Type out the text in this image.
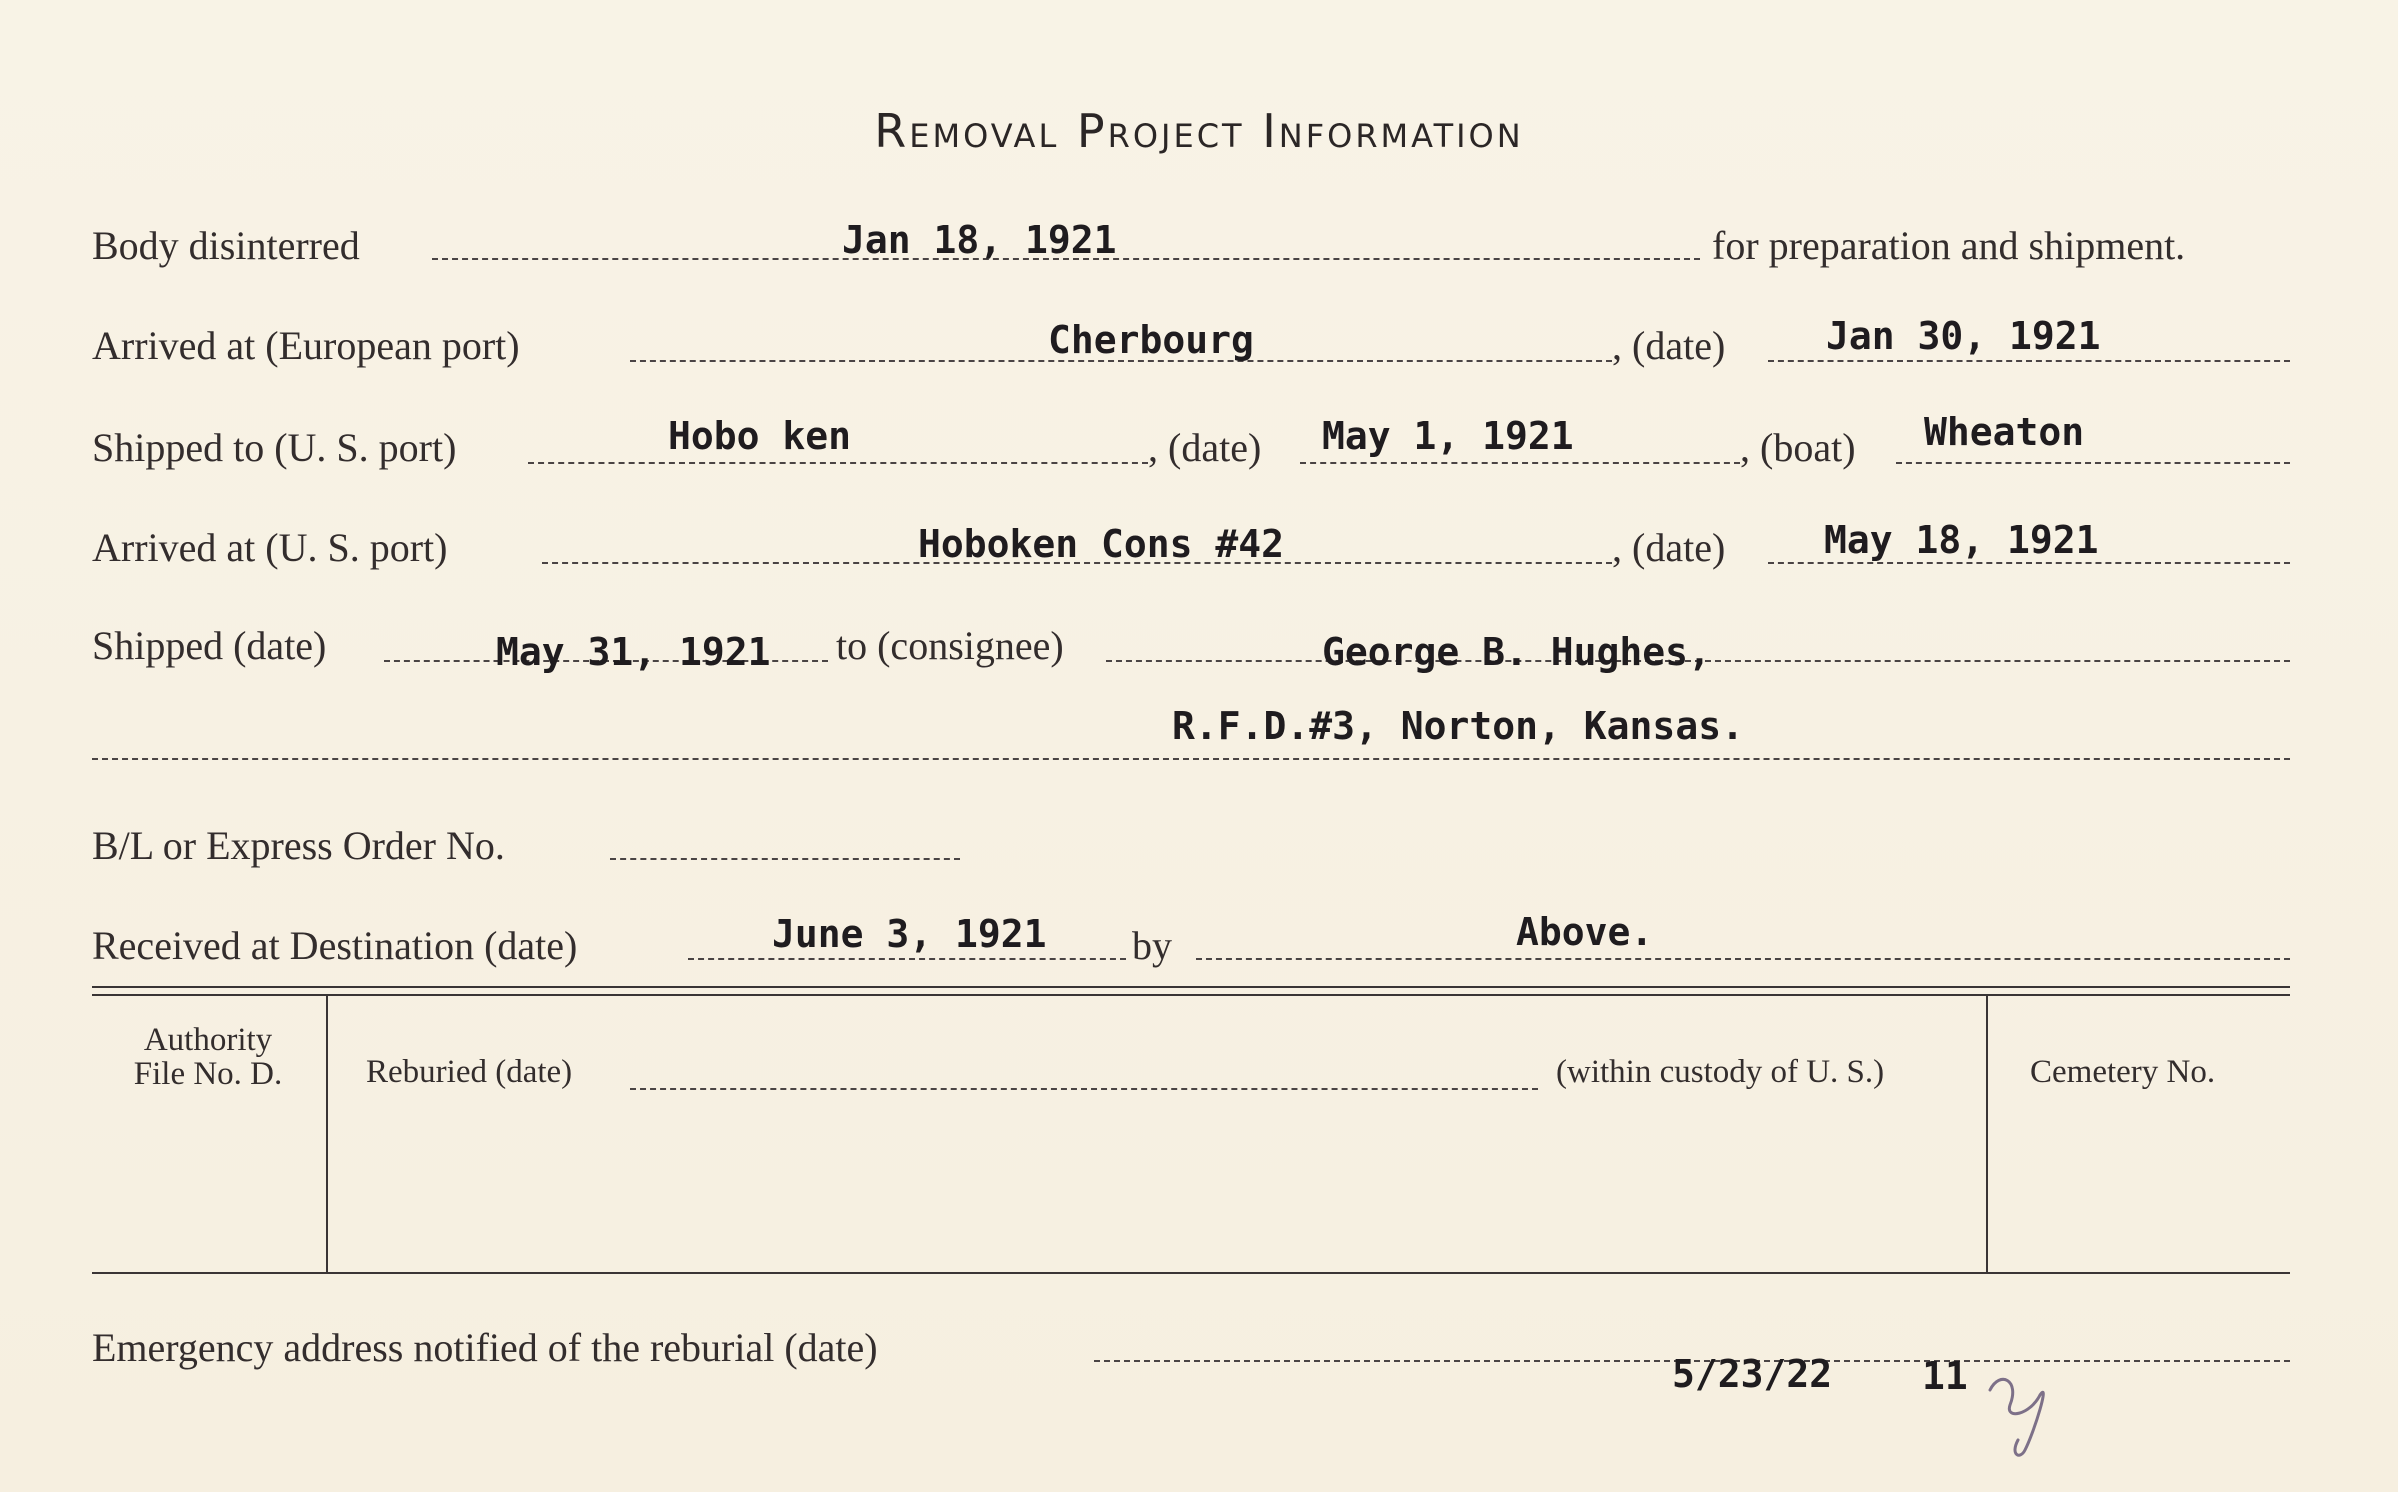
Removal Project Information
Body disinterred	Jan 18, 1921	for preparation and shipment.
Arrived at (European port)	Cherbourg	, (date)	Jan 30, 1921
Shipped to (U. S. port)	Hobo ken	, (date) May 1, 1921	, (boat) Wheaton
Arrived at (U. S. port)	Hoboken Cons #42	, (date)	May 18, 1921
Shipped (date)	May 31, 1921 to (consignee)	George B. Hughes,
R.F.D.#3, Norton, Kansas.
B/L or Express Order No.
Received at Destination (date)	June 3, 1921 by	Above.
Authority
File No. D.	Reburied (date)	(within custody of U. S.)	Cemetery No.
Emergency address notified of the reburial (date)
5/23/22 11
